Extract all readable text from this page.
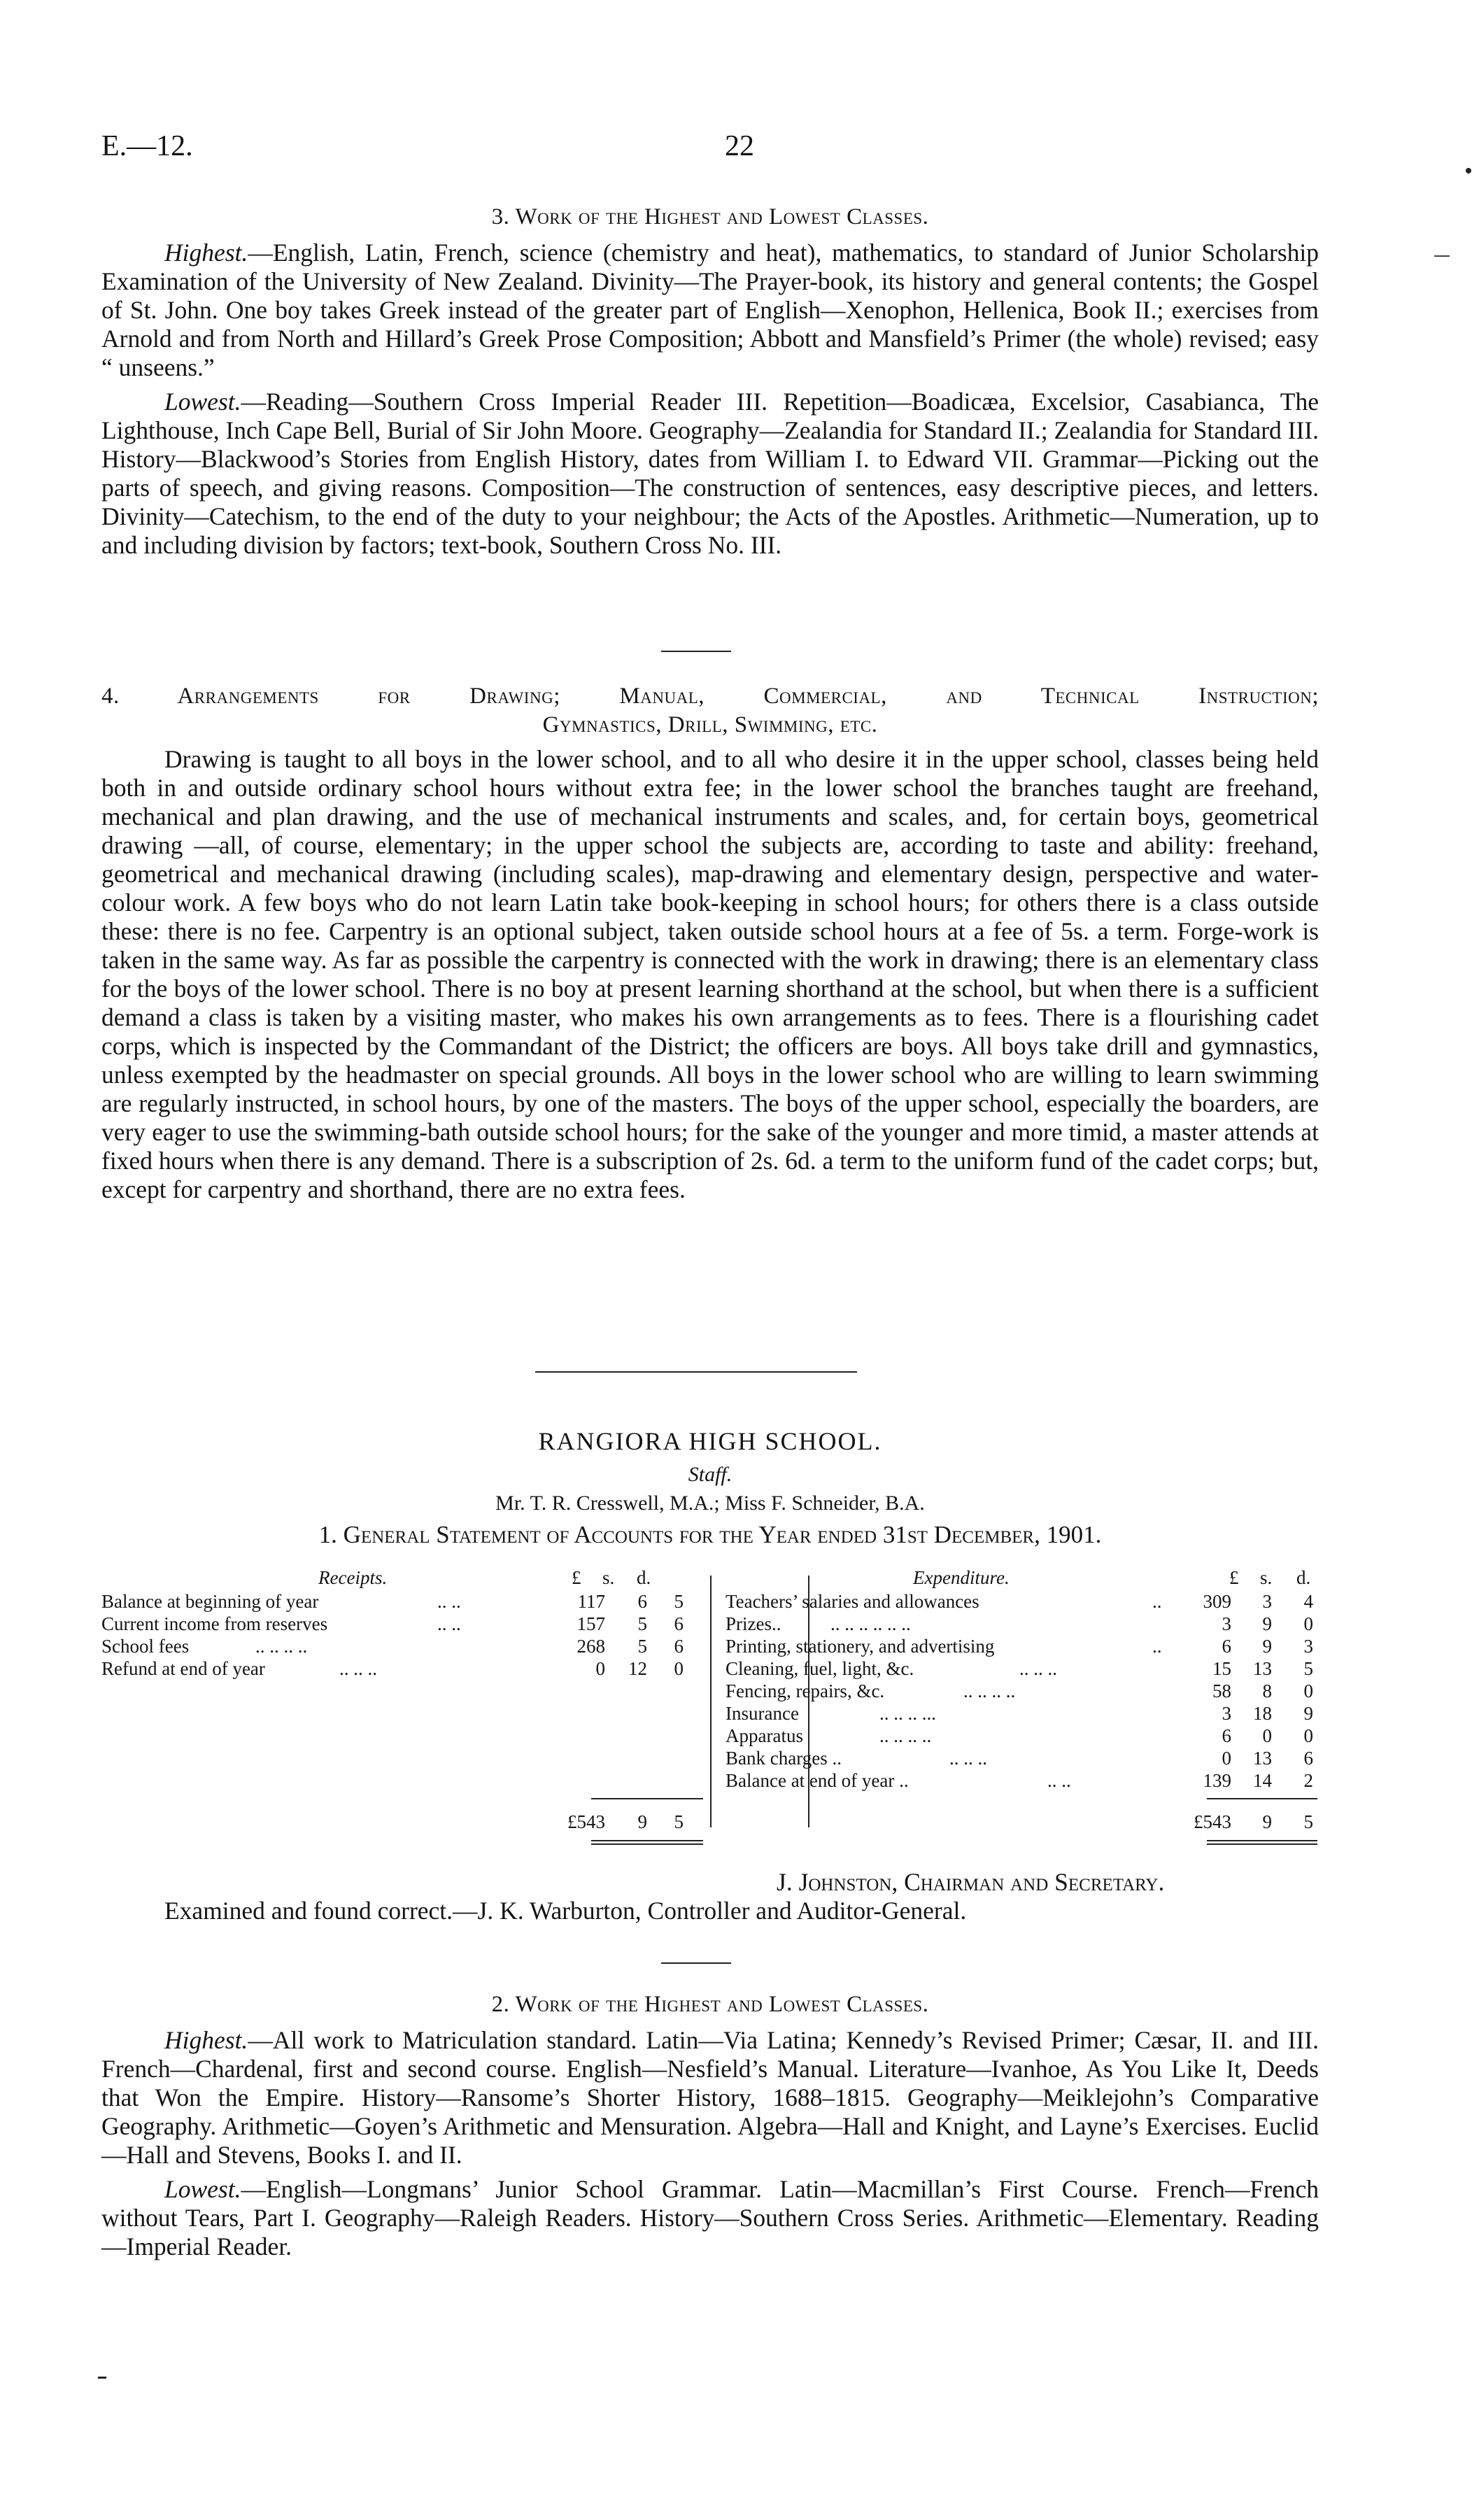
E.—12.	22
3. Work of the Highest and Lowest Classes.

Highest.—English, Latin, French, science (chemistry and heat), mathematics, to standard of Junior Scholarship Examination of the University of New Zealand. Divinity—The Prayer-book, its history and general contents; the Gospel of St. John. One boy takes Greek instead of the greater part of English—Xenophon, Hellenica, Book II.; exercises from Arnold and from North and Hillard’s Greek Prose Composition; Abbott and Mansfield’s Primer (the whole) revised; easy “ unseens.”

Lowest.—Reading—Southern Cross Imperial Reader III. Repetition—Boadicæa, Excelsior, Casabianca, The Lighthouse, Inch Cape Bell, Burial of Sir John Moore. Geography—Zealandia for Standard II.; Zealandia for Standard III. History—Blackwood’s Stories from English History, dates from William I. to Edward VII. Grammar—Picking out the parts of speech, and giving reasons. Composition—The construction of sentences, easy descriptive pieces, and letters. Divinity—Catechism, to the end of the duty to your neighbour; the Acts of the Apostles. Arithmetic—Numeration, up to and including division by factors; text-book, Southern Cross No. III.

4. Arrangements for Drawing; Manual, Commercial, and Technical Instruction;
Gymnastics, Drill, Swimming, etc.

Drawing is taught to all boys in the lower school, and to all who desire it in the upper school, classes being held both in and outside ordinary school hours without extra fee; in the lower school the branches taught are freehand, mechanical and plan drawing, and the use of mechanical instruments and scales, and, for certain boys, geometrical drawing —all, of course, elementary; in the upper school the subjects are, according to taste and ability: freehand, geometrical and mechanical drawing (including scales), map-drawing and elementary design, perspective and water-colour work. A few boys who do not learn Latin take book-keeping in school hours; for others there is a class outside these: there is no fee. Carpentry is an optional subject, taken outside school hours at a fee of 5s. a term. Forge-work is taken in the same way. As far as possible the carpentry is connected with the work in drawing; there is an elementary class for the boys of the lower school. There is no boy at present learning shorthand at the school, but when there is a sufficient demand a class is taken by a visiting master, who makes his own arrangements as to fees. There is a flourishing cadet corps, which is inspected by the Commandant of the District; the officers are boys. All boys take drill and gymnastics, unless exempted by the headmaster on special grounds. All boys in the lower school who are willing to learn swimming are regularly instructed, in school hours, by one of the masters. The boys of the upper school, especially the boarders, are very eager to use the swimming-bath outside school hours; for the sake of the younger and more timid, a master attends at fixed hours when there is any demand. There is a subscription of 2s. 6d. a term to the uniform fund of the cadet corps; but, except for carpentry and shorthand, there are no extra fees.

RANGIORA HIGH SCHOOL.
Staff.
Mr. T. R. Cresswell, M.A.; Miss F. Schneider, B.A.
1. General Statement of Accounts for the Year ended 31st December, 1901.
Receipts.	Expenditure.
£ s. d.	£ s. d.
Balance at beginning of year	.. ..	117 6 5
Current income from reserves	.. ..	157 5 6
School fees	.. .. .. ..	268 5 6
Refund at end of year	.. .. ..	0 12 0
Teachers’ salaries and allowances	.. 309 3 4
Prizes..	.. .. .. .. .. ..	3 9 0
Printing, stationery, and advertising	..	6 9 3
Cleaning, fuel, light, &c.	.. .. ..	15 13 5
Fencing, repairs, &c.	.. .. .. ..	58 8 0
Insurance	.. .. .. ...	3 18 9
Apparatus	.. .. .. ..	6 0 0
Bank charges ..	.. .. ..	0 13 6
Balance at end of year ..	.. ..	139 14 2
£543 9 5	£543 9 5
J. Johnston, Chairman and Secretary.
Examined and found correct.—J. K. Warburton, Controller and Auditor-General.
2. Work of the Highest and Lowest Classes.

Highest.—All work to Matriculation standard. Latin—Via Latina; Kennedy’s Revised Primer; Cæsar, II. and III. French—Chardenal, first and second course. English—Nesfield’s Manual. Literature—Ivanhoe, As You Like It, Deeds that Won the Empire. History—Ransome’s Shorter History, 1688–1815. Geography—Meiklejohn’s Comparative Geography. Arithmetic—Goyen’s Arithmetic and Mensuration. Algebra—Hall and Knight, and Layne’s Exercises. Euclid—Hall and Stevens, Books I. and II.

Lowest.—English—Longmans’ Junior School Grammar. Latin—Macmillan’s First Course. French—French without Tears, Part I. Geography—Raleigh Readers. History—Southern Cross Series. Arithmetic—Elementary. Reading—Imperial Reader.
